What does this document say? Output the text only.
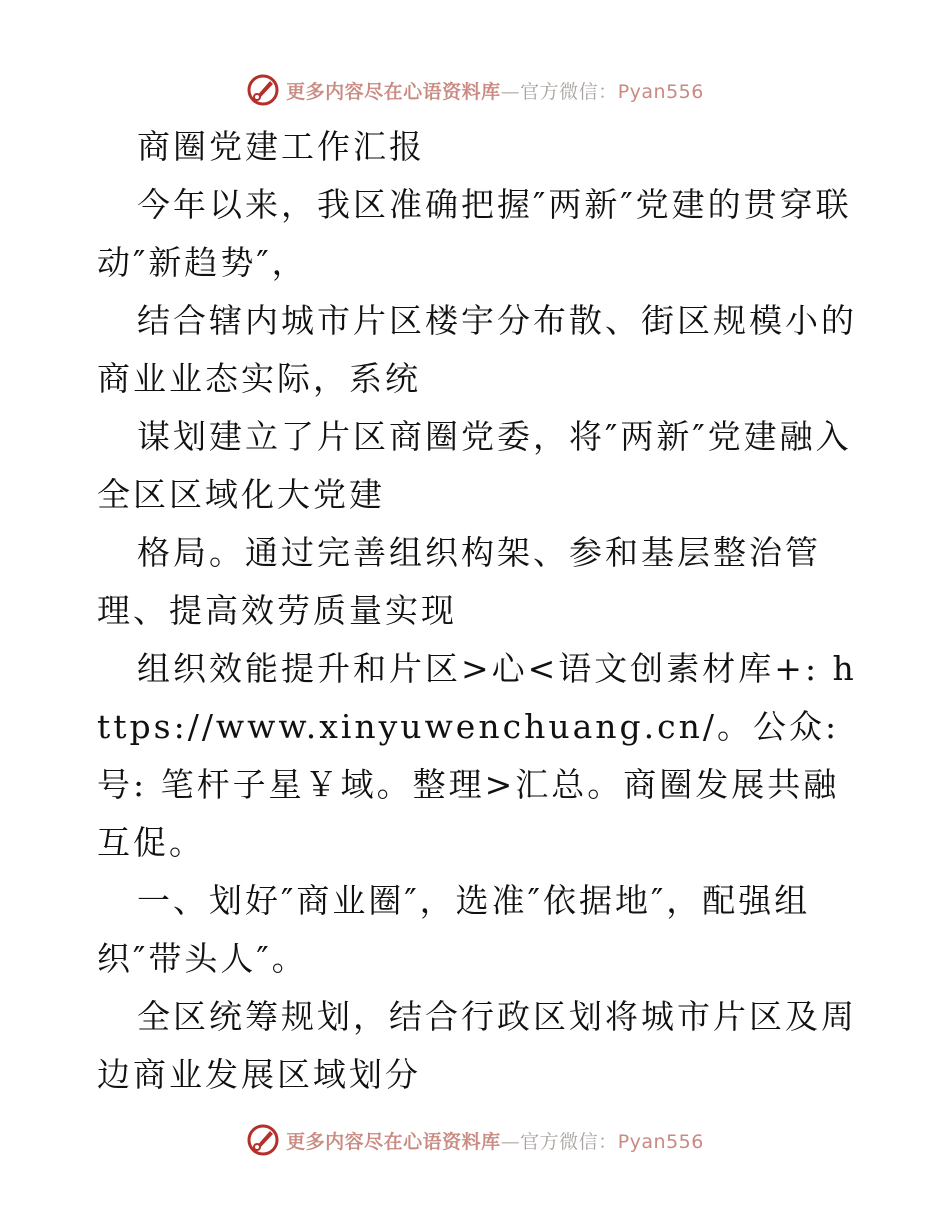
更多内容尽在心语资料库—官方微信：Pyan556

商圈党建工作汇报

今年以来，我区准确把握″两新″党建的贯穿联动″新趋势″，

结合辖内城市片区楼宇分布散、街区规模小的商业业态实际，系统

谋划建立了片区商圈党委，将″两新″党建融入全区区域化大党建

格局。通过完善组织构架、参和基层整治管理、提高效劳质量实现

组织效能提升和片区>心<语文创素材库+: https://www.xinyuwenchuang.cn/。公众:号: 笔杆子星￥域。整理>汇总。商圈发展共融互促。

一、划好″商业圈″，选准″依据地″，配强组织″带头人″。

全区统筹规划，结合行政区划将城市片区及周边商业发展区域划分

更多内容尽在心语资料库—官方微信：Pyan556
